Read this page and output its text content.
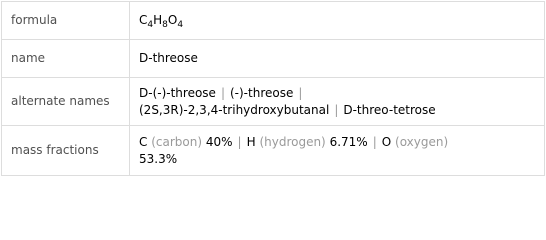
formula	$C_4H_8O_4$
name	D-threose
alternate names	D-(-)-threose | (-)-threose |
(2S,3R)-2,3,4-trihydroxybutanal | D-threo-tetrose
mass fractions	C (carbon) 40% | H (hydrogen) 6.71% | O (oxygen)
53.3%
